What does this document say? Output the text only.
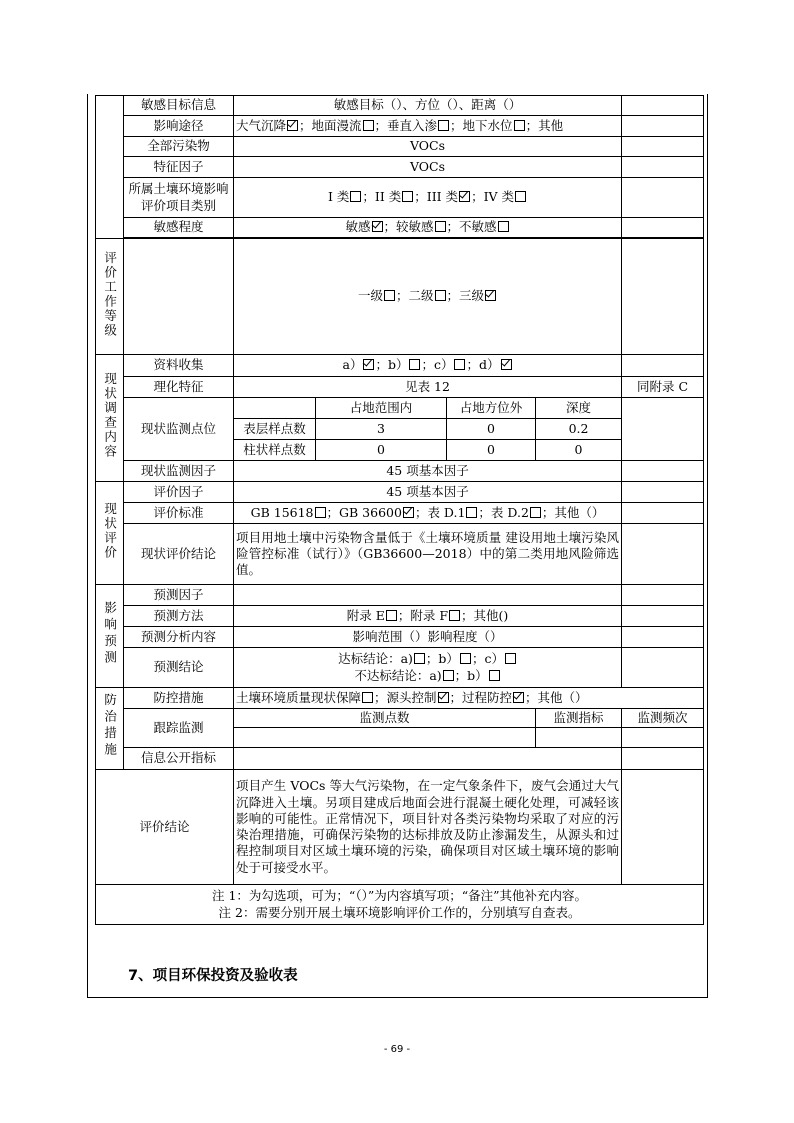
	敏感目标信息	敏感目标（）、方位（）、距离（）				
	影响途径	大气沉降 ；地面漫流 ；垂直入渗 ；地下水位 ；其他				
	全部污染物	VOCs				
	特征因子	VOCs				
	所属土壤环境影响评价项目类别	I 类 ；II 类 ；III 类 ；IV 类				
	敏感程度	敏感 ；较敏感 ；不敏感				

评价工作等级		一级 ；二级 ；三级				
现状调查内容	资料收集	a） ；b） ；c） ；d）				
	理化特征	见表 12				同附录 C
	现状监测点位		占地范围内	占地方位外	深度	
		表层样点数	3	0	0.2	
		柱状样点数	0	0	0	
	现状监测因子	45 项基本因子				
现状评价	评价因子	45 项基本因子				
	评价标准	GB 15618 ；GB 36600 ；表 D.1 ；表 D.2 ；其他（）				
	现状评价结论	项目用地土壤中污染物含量低于《土壤环境质量 建设用地土壤污染风险管控标准（试行）》（GB36600—2018）中的第二类用地风险筛选值。				
影响预测	预测因子					
	预测方法	附录 E ；附录 F ；其他()				
	预测分析内容	影响范围（）影响程度（）				
	预测结论	达标结论：a) ；b） ；c）
不达标结论：a) ；b）				

防治措施	防控措施	土壤环境质量现状保障 ；源头控制 ；过程防控 ；其他（）				
	跟踪监测	监测点数			监测指标	监测频次

	信息公开指标					
评价结论		项目产生 VOCs 等大气污染物，在一定气象条件下，废气会通过大气沉降进入土壤。另项目建成后地面会进行混凝土硬化处理，可减轻该影响的可能性。正常情况下，项目针对各类污染物均采取了对应的污染治理措施，可确保污染物的达标排放及防止渗漏发生，从源头和过程控制项目对区域土壤环境的污染，确保项目对区域土壤环境的影响处于可接受水平。				

注 1：为勾选项，可为；“（）”为内容填写项；“备注”其他补充内容。
注 2：需要分别开展土壤环境影响评价工作的，分别填写自查表。						
7、项目环保投资及验收表
- 69 -
